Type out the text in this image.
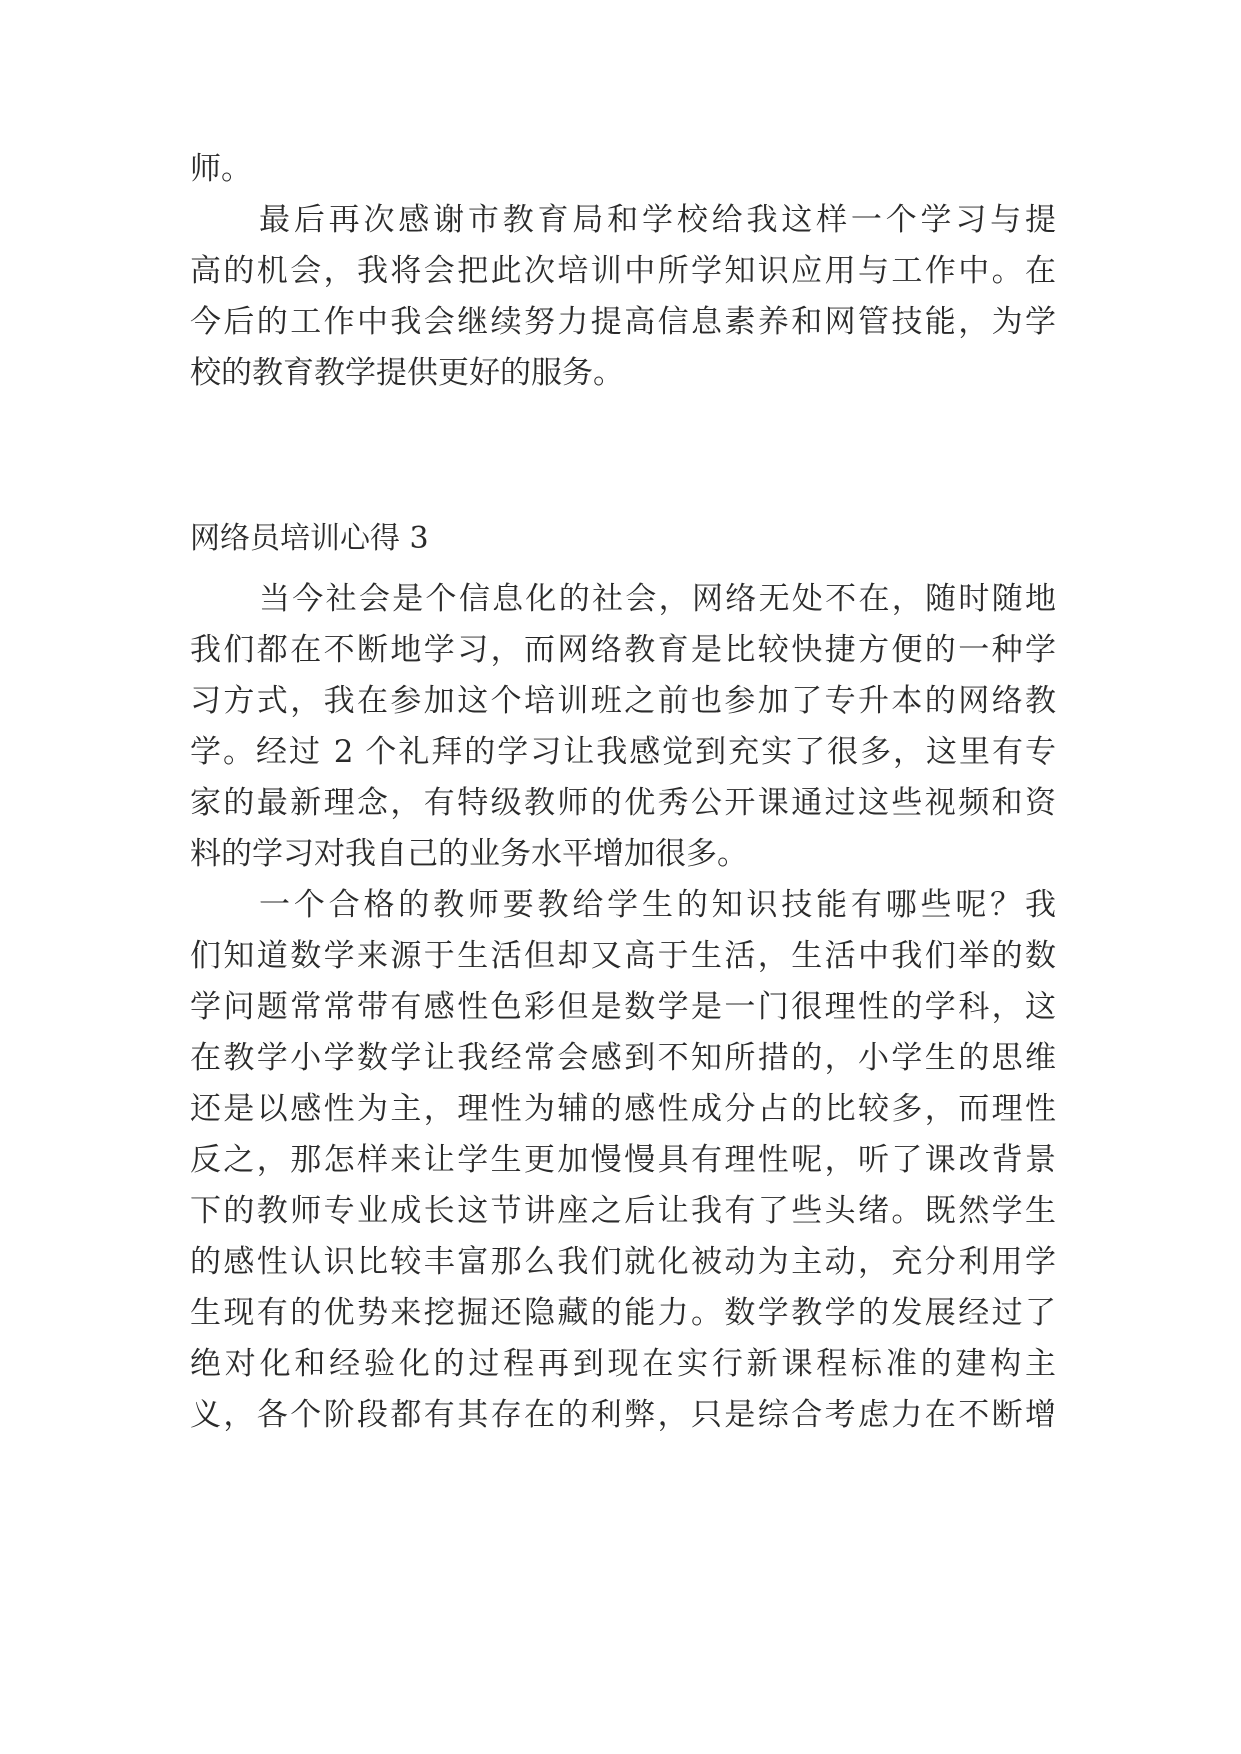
师。
最后再次感谢市教育局和学校给我这样一个学习与提
高的机会，我将会把此次培训中所学知识应用与工作中。在
今后的工作中我会继续努力提高信息素养和网管技能，为学
校的教育教学提供更好的服务。
网络员培训心得 3
当今社会是个信息化的社会，网络无处不在，随时随地
我们都在不断地学习，而网络教育是比较快捷方便的一种学
习方式，我在参加这个培训班之前也参加了专升本的网络教
学。经过 2 个礼拜的学习让我感觉到充实了很多，这里有专
家的最新理念，有特级教师的优秀公开课通过这些视频和资
料的学习对我自己的业务水平增加很多。
一个合格的教师要教给学生的知识技能有哪些呢？我
们知道数学来源于生活但却又高于生活，生活中我们举的数
学问题常常带有感性色彩但是数学是一门很理性的学科，这
在教学小学数学让我经常会感到不知所措的，小学生的思维
还是以感性为主，理性为辅的感性成分占的比较多，而理性
反之，那怎样来让学生更加慢慢具有理性呢，听了课改背景
下的教师专业成长这节讲座之后让我有了些头绪。既然学生
的感性认识比较丰富那么我们就化被动为主动，充分利用学
生现有的优势来挖掘还隐藏的能力。数学教学的发展经过了
绝对化和经验化的过程再到现在实行新课程标准的建构主
义，各个阶段都有其存在的利弊，只是综合考虑力在不断增
